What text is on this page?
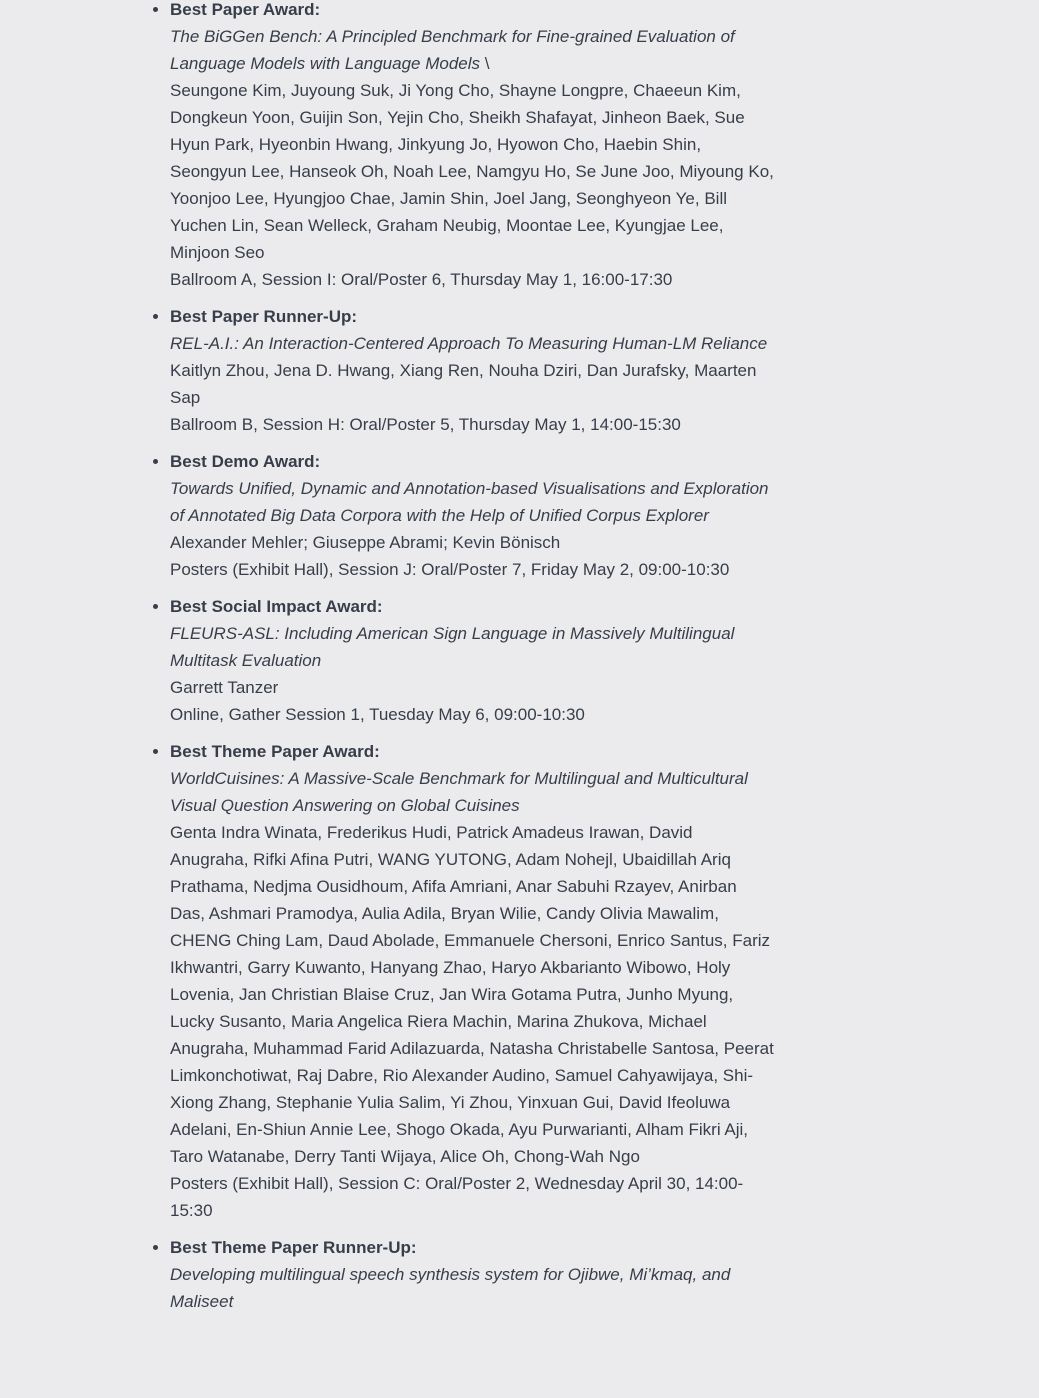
• Best Paper Award:
The BiGGen Bench: A Principled Benchmark for Fine-grained Evaluation of Language Models with Language Models \
Seungone Kim, Juyoung Suk, Ji Yong Cho, Shayne Longpre, Chaeeun Kim, Dongkeun Yoon, Guijin Son, Yejin Cho, Sheikh Shafayat, Jinheon Baek, Sue Hyun Park, Hyeonbin Hwang, Jinkyung Jo, Hyowon Cho, Haebin Shin, Seongyun Lee, Hanseok Oh, Noah Lee, Namgyu Ho, Se June Joo, Miyoung Ko, Yoonjoo Lee, Hyungjoo Chae, Jamin Shin, Joel Jang, Seonghyeon Ye, Bill Yuchen Lin, Sean Welleck, Graham Neubig, Moontae Lee, Kyungjae Lee, Minjoon Seo
Ballroom A, Session I: Oral/Poster 6, Thursday May 1, 16:00-17:30
• Best Paper Runner-Up:
REL-A.I.: An Interaction-Centered Approach To Measuring Human-LM Reliance
Kaitlyn Zhou, Jena D. Hwang, Xiang Ren, Nouha Dziri, Dan Jurafsky, Maarten Sap
Ballroom B, Session H: Oral/Poster 5, Thursday May 1, 14:00-15:30
• Best Demo Award:
Towards Unified, Dynamic and Annotation-based Visualisations and Exploration of Annotated Big Data Corpora with the Help of Unified Corpus Explorer
Alexander Mehler; Giuseppe Abrami; Kevin Bönisch
Posters (Exhibit Hall), Session J: Oral/Poster 7, Friday May 2, 09:00-10:30
• Best Social Impact Award:
FLEURS-ASL: Including American Sign Language in Massively Multilingual Multitask Evaluation
Garrett Tanzer
Online, Gather Session 1, Tuesday May 6, 09:00-10:30
• Best Theme Paper Award:
WorldCuisines: A Massive-Scale Benchmark for Multilingual and Multicultural Visual Question Answering on Global Cuisines
Genta Indra Winata, Frederikus Hudi, Patrick Amadeus Irawan, David Anugraha, Rifki Afina Putri, WANG YUTONG, Adam Nohejl, Ubaidillah Ariq Prathama, Nedjma Ousidhoum, Afifa Amriani, Anar Sabuhi Rzayev, Anirban Das, Ashmari Pramodya, Aulia Adila, Bryan Wilie, Candy Olivia Mawalim, CHENG Ching Lam, Daud Abolade, Emmanuele Chersoni, Enrico Santus, Fariz Ikhwantri, Garry Kuwanto, Hanyang Zhao, Haryo Akbarianto Wibowo, Holy Lovenia, Jan Christian Blaise Cruz, Jan Wira Gotama Putra, Junho Myung, Lucky Susanto, Maria Angelica Riera Machin, Marina Zhukova, Michael Anugraha, Muhammad Farid Adilazuarda, Natasha Christabelle Santosa, Peerat Limkonchotiwat, Raj Dabre, Rio Alexander Audino, Samuel Cahyawijaya, Shi-Xiong Zhang, Stephanie Yulia Salim, Yi Zhou, Yinxuan Gui, David Ifeoluwa Adelani, En-Shiun Annie Lee, Shogo Okada, Ayu Purwarianti, Alham Fikri Aji, Taro Watanabe, Derry Tanti Wijaya, Alice Oh, Chong-Wah Ngo
Posters (Exhibit Hall), Session C: Oral/Poster 2, Wednesday April 30, 14:00-15:30
• Best Theme Paper Runner-Up:
Developing multilingual speech synthesis system for Ojibwe, Mi’kmaq, and Maliseet
